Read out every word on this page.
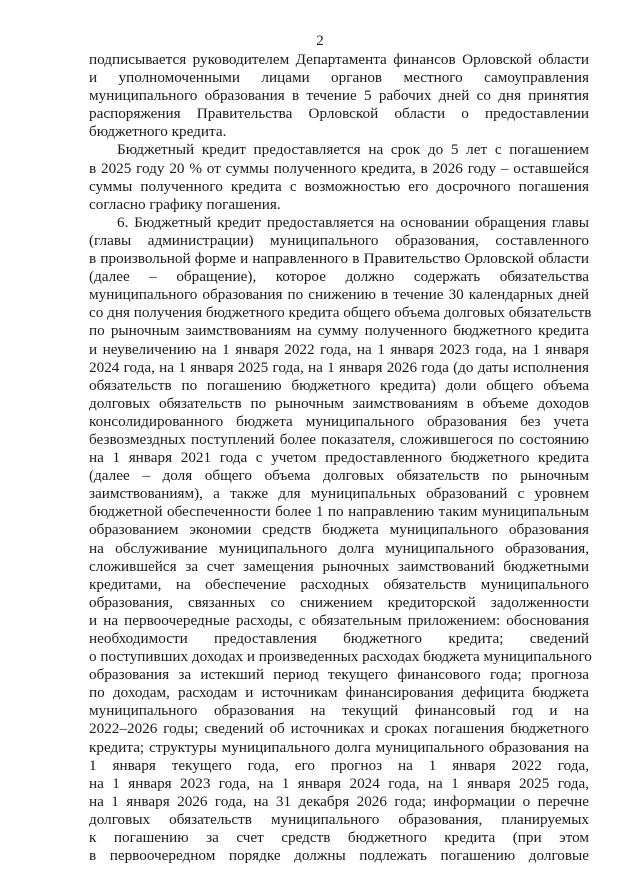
2
подписывается руководителем Департамента финансов Орловской области
и уполномоченными лицами органов местного самоуправления
муниципального образования в течение 5 рабочих дней со дня принятия
распоряжения Правительства Орловской области о предоставлении
бюджетного кредита.
Бюджетный кредит предоставляется на срок до 5 лет с погашением
в 2025 году 20 % от суммы полученного кредита, в 2026 году – оставшейся
суммы полученного кредита с возможностью его досрочного погашения
согласно графику погашения.
6. Бюджетный кредит предоставляется на основании обращения главы
(главы администрации) муниципального образования, составленного
в произвольной форме и направленного в Правительство Орловской области
(далее – обращение), которое должно содержать обязательства
муниципального образования по снижению в течение 30 календарных дней
со дня получения бюджетного кредита общего объема долговых обязательств
по рыночным заимствованиям на сумму полученного бюджетного кредита
и неувеличению на 1 января 2022 года, на 1 января 2023 года, на 1 января
2024 года, на 1 января 2025 года, на 1 января 2026 года (до даты исполнения
обязательств по погашению бюджетного кредита) доли общего объема
долговых обязательств по рыночным заимствованиям в объеме доходов
консолидированного бюджета муниципального образования без учета
безвозмездных поступлений более показателя, сложившегося по состоянию
на 1 января 2021 года с учетом предоставленного бюджетного кредита
(далее – доля общего объема долговых обязательств по рыночным
заимствованиям), а также для муниципальных образований с уровнем
бюджетной обеспеченности более 1 по направлению таким муниципальным
образованием экономии средств бюджета муниципального образования
на обслуживание муниципального долга муниципального образования,
сложившейся за счет замещения рыночных заимствований бюджетными
кредитами, на обеспечение расходных обязательств муниципального
образования, связанных со снижением кредиторской задолженности
и на первоочередные расходы, с обязательным приложением: обоснования
необходимости предоставления бюджетного кредита; сведений
о поступивших доходах и произведенных расходах бюджета муниципального
образования за истекший период текущего финансового года; прогноза
по доходам, расходам и источникам финансирования дефицита бюджета
муниципального образования на текущий финансовый год и на
2022–2026 годы; сведений об источниках и сроках погашения бюджетного
кредита; структуры муниципального долга муниципального образования на
1 января текущего года, его прогноз на 1 января 2022 года,
на 1 января 2023 года, на 1 января 2024 года, на 1 января 2025 года,
на 1 января 2026 года, на 31 декабря 2026 года; информации о перечне
долговых обязательств муниципального образования, планируемых
к погашению за счет средств бюджетного кредита (при этом
в первоочередном порядке должны подлежать погашению долговые
